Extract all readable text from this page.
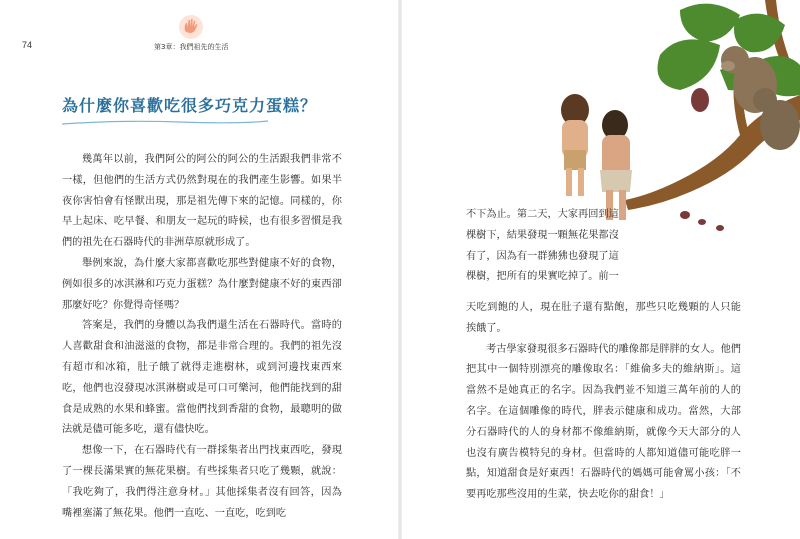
74	第3章：我們祖先的生活
為什麼你喜歡吃很多巧克力蛋糕？

幾萬年以前，我們阿公的阿公的阿公的生活跟我們非常不一樣，但他們的生活方式仍然對現在的我們產生影響。如果半夜你害怕會有怪獸出現，那是祖先傳下來的記憶。同樣的，你早上起床、吃早餐、和朋友一起玩的時候，也有很多習慣是我們的祖先在石器時代的非洲草原就形成了。

舉例來說，為什麼大家都喜歡吃那些對健康不好的食物，例如很多的冰淇淋和巧克力蛋糕？為什麼對健康不好的東西卻那麼好吃？你覺得奇怪嗎？

答案是，我們的身體以為我們還生活在石器時代。當時的人喜歡甜食和油滋滋的食物，都是非常合理的。我們的祖先沒有超市和冰箱，肚子餓了就得走進樹林，或到河邊找東西來吃，他們也沒發現冰淇淋樹或是可口可樂河，他們能找到的甜食是成熟的水果和蜂蜜。當他們找到香甜的食物，最聰明的做法就是儘可能多吃，還有儘快吃。

想像一下，在石器時代有一群採集者出門找東西吃，發現了一棵長滿果實的無花果樹。有些採集者只吃了幾顆，就說：「我吃夠了，我們得注意身材。」其他採集者沒有回答，因為嘴裡塞滿了無花果。他們一直吃、一直吃，吃到吃

不下為止。第二天，大家再回到這棵樹下，結果發現一顆無花果都沒有了，因為有一群狒狒也發現了這棵樹，把所有的果實吃掉了。前一

天吃到飽的人，現在肚子還有點飽，那些只吃幾顆的人只能挨餓了。

考古學家發現很多石器時代的雕像都是胖胖的女人。他們把其中一個特別漂亮的雕像取名：「維倫多夫的維納斯」。這當然不是她真正的名字。因為我們並不知道三萬年前的人的名字。在這個雕像的時代，胖表示健康和成功。當然，大部分石器時代的人的身材都不像維納斯，就像今天大部分的人也沒有廣告模特兒的身材。但當時的人都知道儘可能吃胖一點，知道甜食是好東西！石器時代的媽媽可能會罵小孩：「不要再吃那些沒用的生菜，快去吃你的甜食！」
